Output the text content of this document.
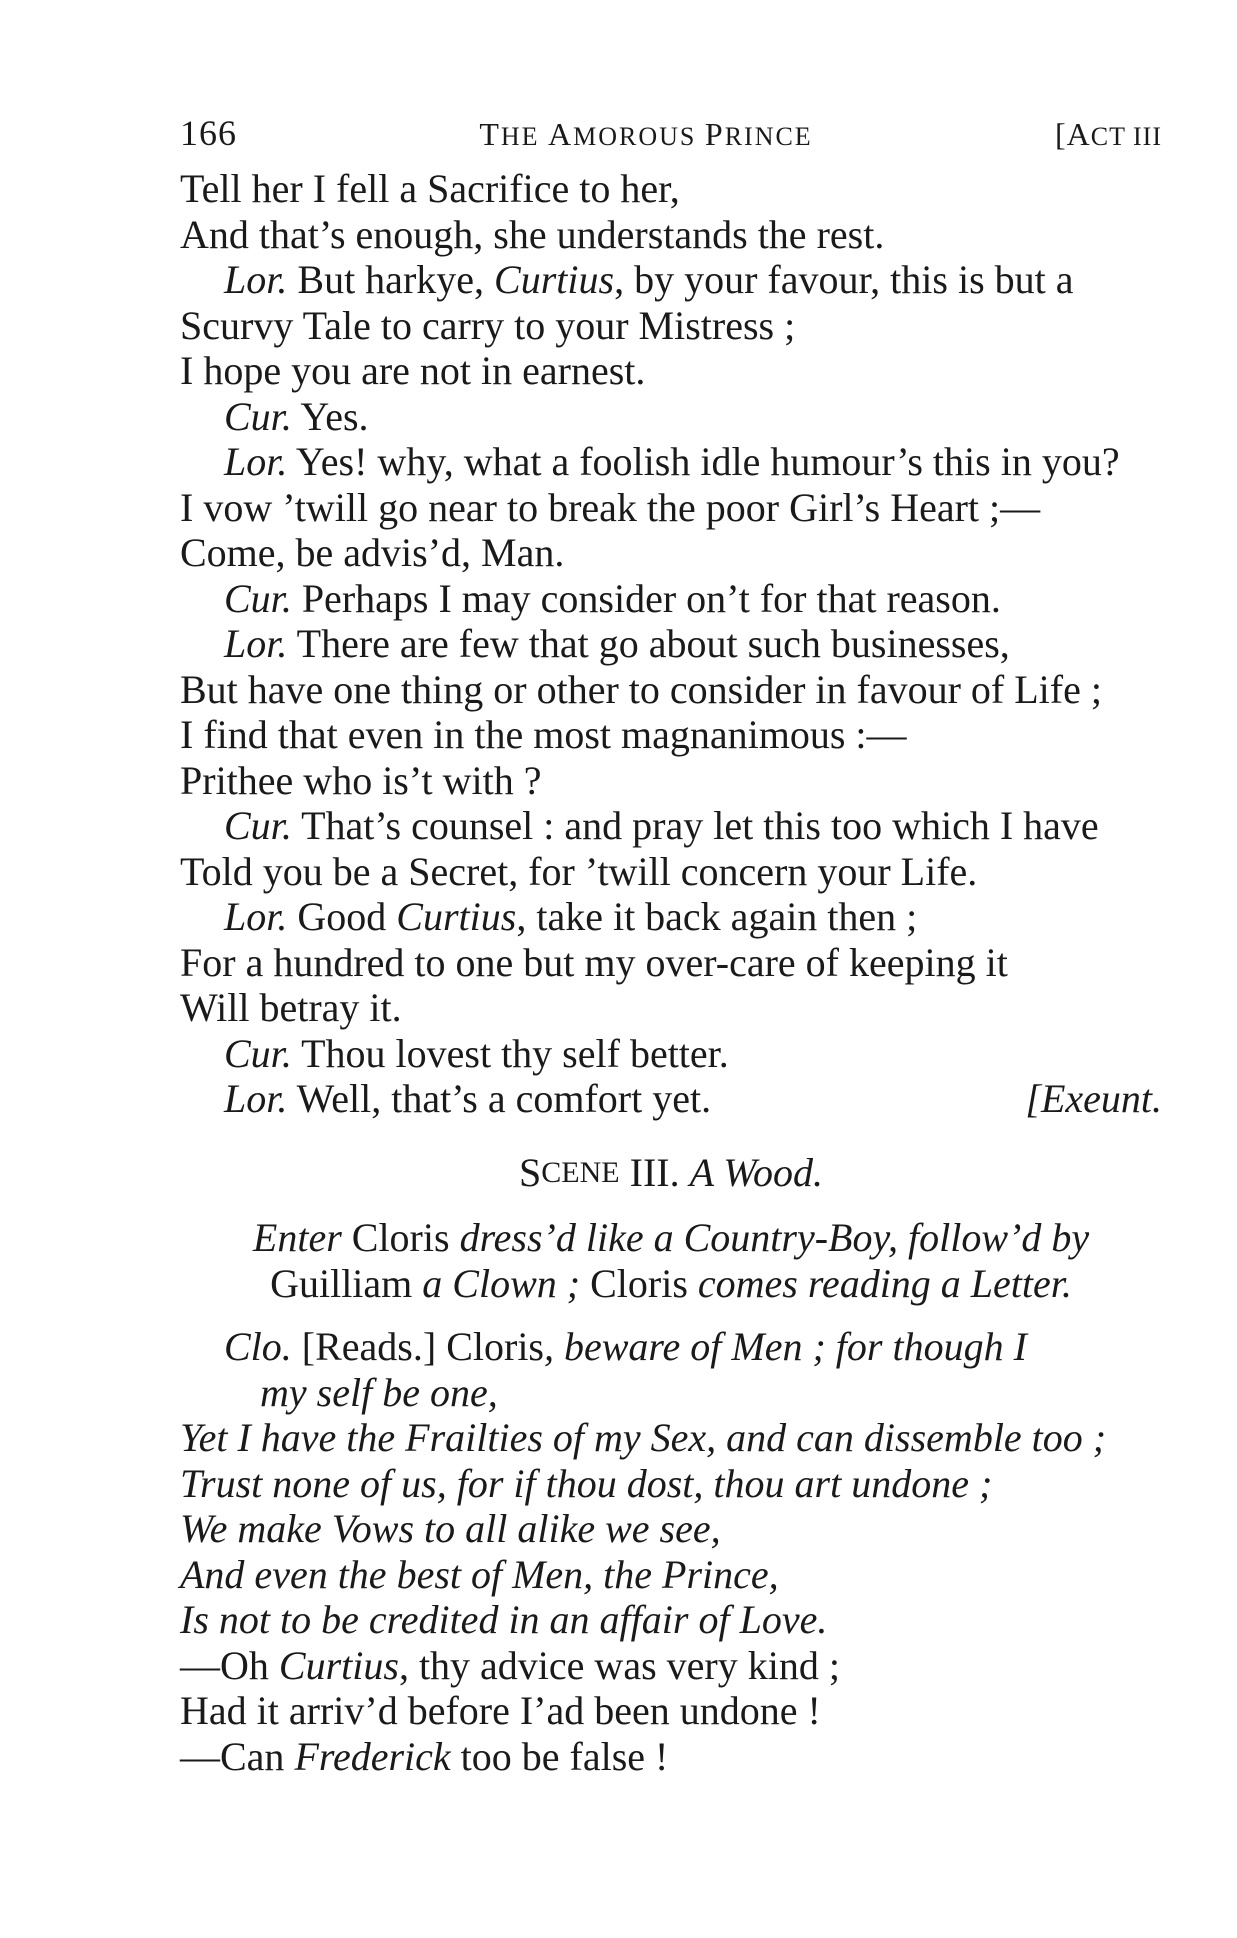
166	THE AMOROUS PRINCE	[ACT III
Tell her I fell a Sacrifice to her,
And that’s enough, she understands the rest.
Lor. But harkye, Curtius , by your favour, this is but a
Scurvy Tale to carry to your Mistress ;
I hope you are not in earnest.
Cur. Yes.
Lor. Yes! why, what a foolish idle humour’s this in you?
I vow ’twill go near to break the poor Girl’s Heart ;—
Come, be advis’d, Man.
Cur. Perhaps I may consider on’t for that reason.
Lor. There are few that go about such businesses,
But have one thing or other to consider in favour of Life ;
I find that even in the most magnanimous :—
Prithee who is’t with ?
Cur. That’s counsel : and pray let this too which I have
Told you be a Secret, for ’twill concern your Life.
Lor. Good Curtius , take it back again then ;
For a hundred to one but my over-care of keeping it
Will betray it.
Cur. Thou lovest thy self better.
Lor. Well, that’s a comfort yet.	[Exeunt.
S CENE III. A Wood.
Enter Cloris dress’d like a Country-Boy, follow’d by
Guilliam a Clown ; Cloris comes reading a Letter.
Clo. [Reads.] Cloris , beware of Men ; for though I
my self be one,
Yet I have the Frailties of my Sex, and can dissemble too ;
Trust none of us, for if thou dost, thou art undone ;
We make Vows to all alike we see,
And even the best of Men, the Prince,
Is not to be credited in an affair of Love.
—Oh Curtius , thy advice was very kind ;
Had it arriv’d before I’ad been undone !
—Can Frederick too be false !
